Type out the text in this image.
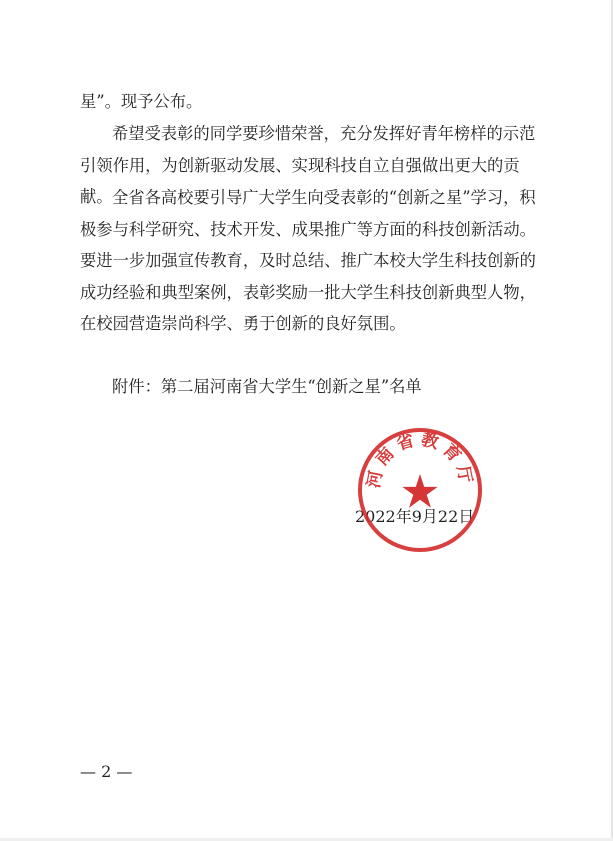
星”。现予公布。

希望受表彰的同学要珍惜荣誉，充分发挥好青年榜样的示范引领作用，为创新驱动发展、实现科技自立自强做出更大的贡献。 全省各高校要引导广大学生向受表彰的“创新之星”学习，积极参与科学研究、技术开发、成果推广等方面的科技创新活动。要进一步加强宣传教育，及时总结、推广本校大学生科技创新的成功经验和典型案例，表彰奖励一批大学生科技创新典型人物，在校园营造崇尚科学、勇于创新的良好氛围。

附件：第二届河南省大学生“创新之星”名单

2022年9月22日
河南省教育厅
— 2 —
